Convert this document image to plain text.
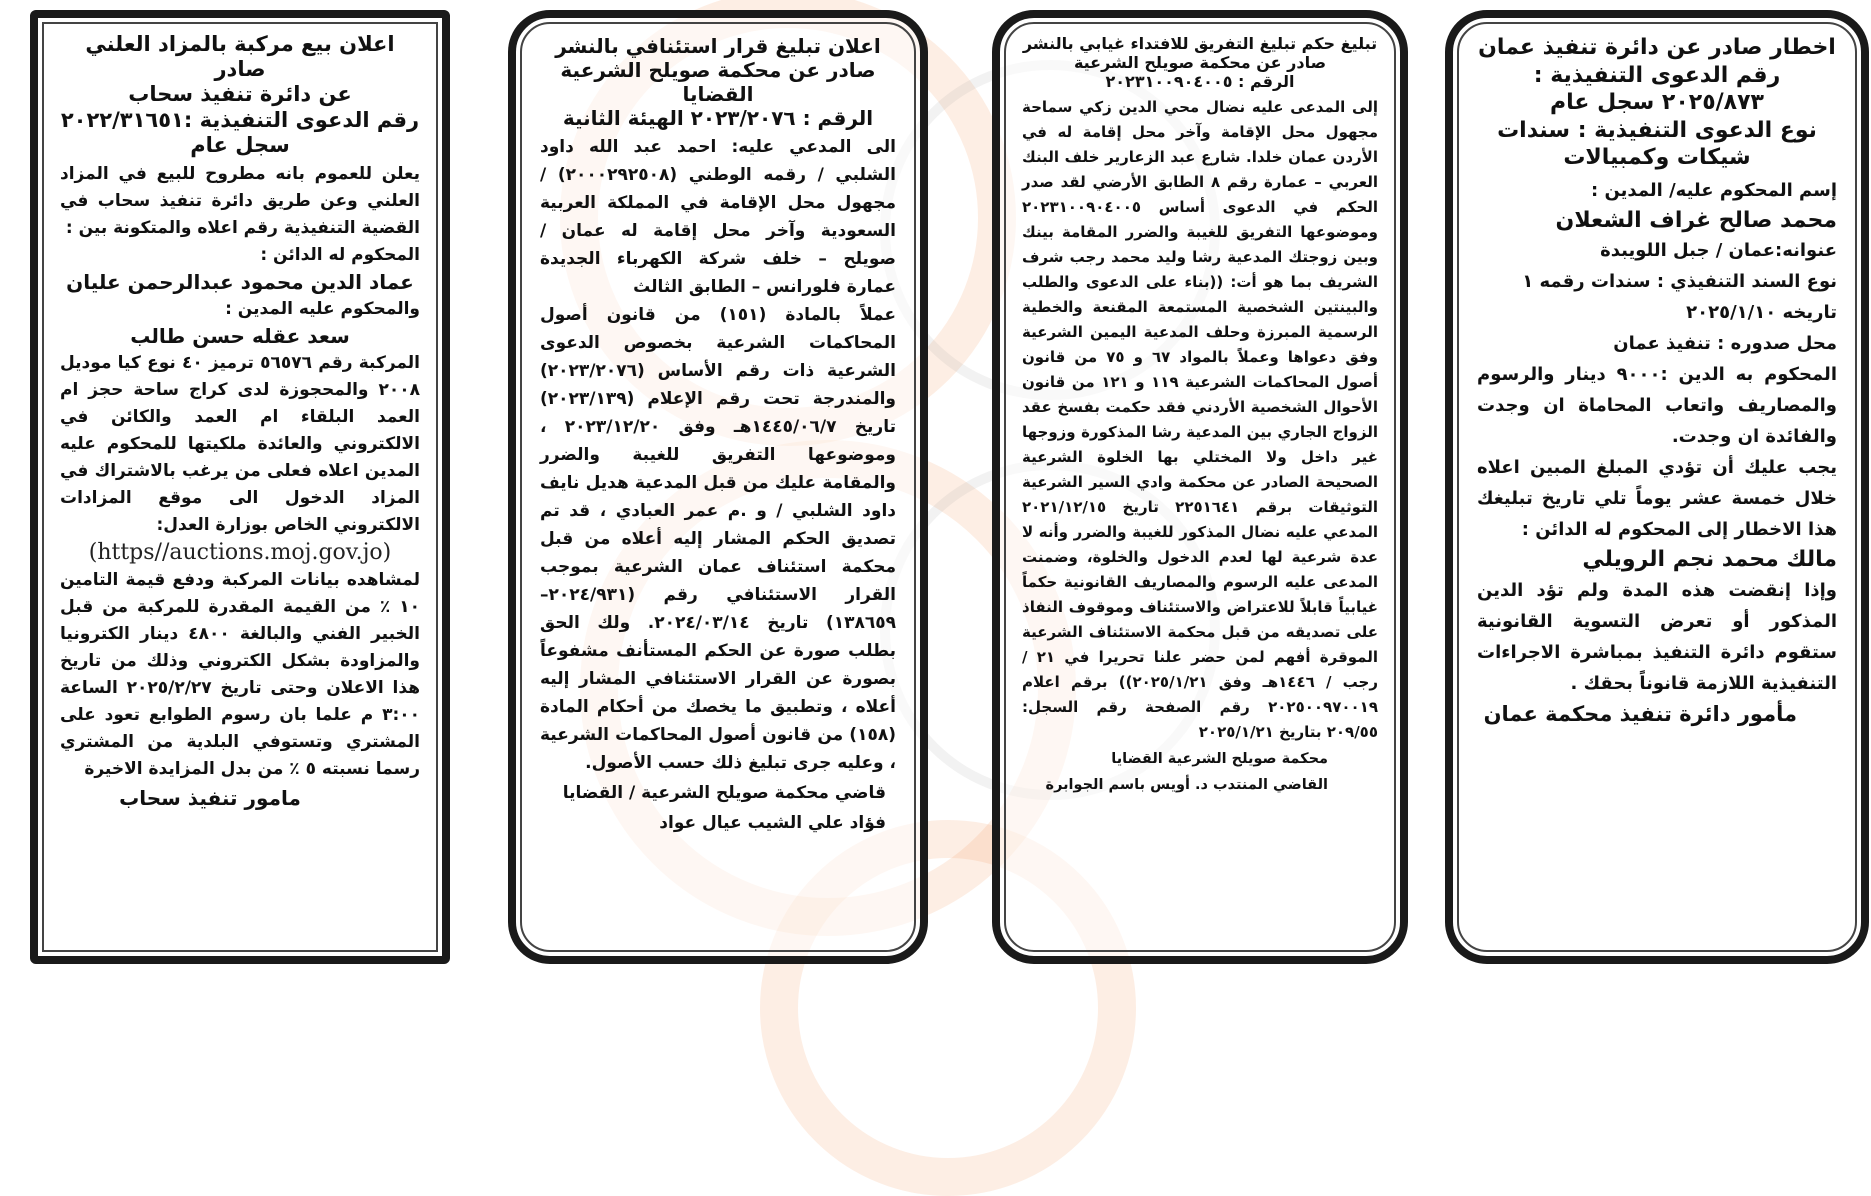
اعلان بيع مركبة بالمزاد العلني صادر
عن دائرة تنفيذ سحاب
رقم الدعوى التنفيذية :٢٠٢٢/٣١٦٥١
سجل عام

يعلن للعموم بانه مطروح للبيع في المزاد العلني وعن طريق دائرة تنفيذ سحاب في القضية التنفيذية رقم اعلاه والمتكونة بين :

المحكوم له الدائن :

عماد الدين محمود عبدالرحمن عليان

والمحكوم عليه المدين :

سعد عقله حسن طالب

المركبة رقم ٥٦٥٧٦ ترميز ٤٠ نوع كيا موديل ٢٠٠٨ والمحجوزة لدى كراج ساحة حجز ام العمد البلقاء ام العمد والكائن في الالكتروني والعائدة ملكيتها للمحكوم عليه المدين اعلاه فعلى من يرغب بالاشتراك في المزاد الدخول الى موقع المزادات الالكتروني الخاص بوزارة العدل:

(https//auctions.moj.gov.jo)

لمشاهده بيانات المركبة ودفع قيمة التامين ١٠ ٪ من القيمة المقدرة للمركبة من قبل الخبير الفني والبالغة ٤٨٠٠ دينار الكترونيا والمزاودة بشكل الكتروني وذلك من تاريخ هذا الاعلان وحتى تاريخ ٢٠٢٥/٢/٢٧ الساعة ٣:٠٠ م علما بان رسوم الطوابع تعود على المشتري وتستوفي البلدية من المشتري رسما نسبته ٥ ٪ من بدل المزايدة الاخيرة

مامور تنفيذ سحاب
اعلان تبليغ قرار استئنافي بالنشر
صادر عن محكمة صويلح الشرعية القضايا
الرقم : ٢٠٢٣/٢٠٧٦ الهيئة الثانية

الى المدعي عليه: احمد عبد الله داود الشلبي / رقمه الوطني (٢٠٠٠٢٩٢٥٠٨) / مجهول محل الإقامة في المملكة العربية السعودية وآخر محل إقامة له عمان / صويلح – خلف شركة الكهرباء الجديدة عمارة فلورانس – الطابق الثالث

عملاً بالمادة (١٥١) من قانون أصول المحاكمات الشرعية بخصوص الدعوى الشرعية ذات رقم الأساس (٢٠٢٣/٢٠٧٦) والمندرجة تحت رقم الإعلام (٢٠٢٣/١٣٩) تاريخ ١٤٤٥/٠٦/٧هـ وفق ٢٠٢٣/١٢/٢٠ ، وموضوعها التفريق للغيبة والضرر والمقامة عليك من قبل المدعية هديل نايف داود الشلبي / و .م عمر العبادي ، قد تم تصديق الحكم المشار إليه أعلاه من قبل محكمة استئناف عمان الشرعية بموجب القرار الاستئنافي رقم (٢٠٢٤/٩٣١–١٣٨٦٥٩) تاريخ ٢٠٢٤/٠٣/١٤. ولك الحق بطلب صورة عن الحكم المستأنف مشفوعاً بصورة عن القرار الاستئنافي المشار إليه أعلاه ، وتطبيق ما يخصك من أحكام المادة (١٥٨) من قانون أصول المحاكمات الشرعية ، وعليه جرى تبليغ ذلك حسب الأصول.

قاضي محكمة صويلح الشرعية / القضايا
فؤاد علي الشيب عيال عواد
تبليغ حكم تبليغ التفريق للافتداء غيابي بالنشر
صادر عن محكمة صويلح الشرعية
الرقم : ٢٠٢٣١٠٠٩٠٤٠٠٥

إلى المدعى عليه نضال محي الدين زكي سماحة مجهول محل الإقامة وآخر محل إقامة له في الأردن عمان خلدا. شارع عبد الزعارير خلف البنك العربي – عمارة رقم ٨ الطابق الأرضي لقد صدر الحكم في الدعوى أساس ٢٠٢٣١٠٠٩٠٤٠٠٥ وموضوعها التفريق للغيبة والضرر المقامة بينك وبين زوجتك المدعية رشا وليد محمد رجب شرف الشريف بما هو أت: ((بناء على الدعوى والطلب والبينتين الشخصية المستمعة المقنعة والخطية الرسمية المبرزة وحلف المدعية اليمين الشرعية وفق دعواها وعملاً بالمواد ٦٧ و ٧٥ من قانون أصول المحاكمات الشرعية ١١٩ و ١٢١ من قانون الأحوال الشخصية الأردني فقد حكمت بفسخ عقد الزواج الجاري بين المدعية رشا المذكورة وزوجها غير داخل ولا المختلي بها الخلوة الشرعية الصحيحة الصادر عن محكمة وادي السير الشرعية التوثيقات برقم ٢٢٥١٦٤١ تاريخ ٢٠٢١/١٢/١٥ المدعي عليه نضال المذكور للغيبة والضرر وأنه لا عدة شرعية لها لعدم الدخول والخلوة، وضمنت المدعى عليه الرسوم والمصاريف القانونية حكماً غيابياً قابلاً للاعتراض والاستئناف وموقوف النفاذ على تصديقه من قبل محكمة الاستئناف الشرعية الموقرة أفهم لمن حضر علنا تحريرا في ٢١ / رجب / ١٤٤٦هـ وفق ٢٠٢٥/١/٢١)) برقم اعلام ٢٠٢٥٠٠٩٧٠٠١٩ رقم الصفحة رقم السجل: ٢٠٩/٥٥ بتاريخ ٢٠٢٥/١/٢١

محكمة صويلح الشرعية القضايا
القاضي المنتدب د. أويس باسم الجوابرة
اخطار صادر عن دائرة تنفيذ عمان
رقم الدعوى التنفيذية :
٢٠٢٥/٨٧٣ سجل عام
نوع الدعوى التنفيذية : سندات شيكات وكمبيالات

إسم المحكوم عليه/ المدين :

محمد صالح غراف الشعلان

عنوانه:عمان / جبل اللويبدة

نوع السند التنفيذي : سندات رقمه ١

تاريخه ٢٠٢٥/١/١٠

محل صدوره : تنفيذ عمان

المحكوم به الدين :٩٠٠٠ دينار والرسوم والمصاريف واتعاب المحاماة ان وجدت والفائدة ان وجدت.

يجب عليك أن تؤدي المبلغ المبين اعلاه خلال خمسة عشر يوماً تلي تاريخ تبليغك هذا الاخطار إلى المحكوم له الدائن :

مالك محمد نجم الرويلي

وإذا إنقضت هذه المدة ولم تؤد الدين المذكور أو تعرض التسوية القانونية ستقوم دائرة التنفيذ بمباشرة الاجراءات التنفيذية اللازمة قانوناً بحقك .

مأمور دائرة تنفيذ محكمة عمان
